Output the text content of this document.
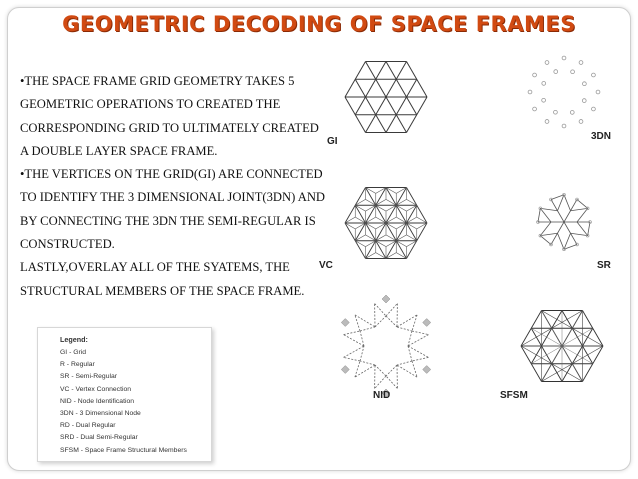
GEOMETRIC DECODING OF SPACE FRAMES

•THE SPACE FRAME GRID GEOMETRY TAKES 5

GEOMETRIC OPERATIONS TO CREATED THE

CORRESPONDING GRID TO ULTIMATELY CREATED

A DOUBLE LAYER SPACE FRAME.

•THE VERTICES ON THE GRID(GI) ARE CONNECTED

TO IDENTIFY THE 3 DIMENSIONAL JOINT(3DN) AND

BY CONNECTING THE 3DN THE SEMI-REGULAR IS

CONSTRUCTED.

LASTLY,OVERLAY ALL OF THE SYATEMS, THE

STRUCTURAL MEMBERS OF THE SPACE FRAME.

Legend:
GI - Grid
R - Regular
SR - Semi-Regular
VC - Vertex Connection
NID - Node Identification
3DN - 3 Dimensional Node
RD - Dual Regular
SRD - Dual Semi-Regular
SFSM - Space Frame Structural Members
GI	3DN
VC	SR
NID	SFSM
